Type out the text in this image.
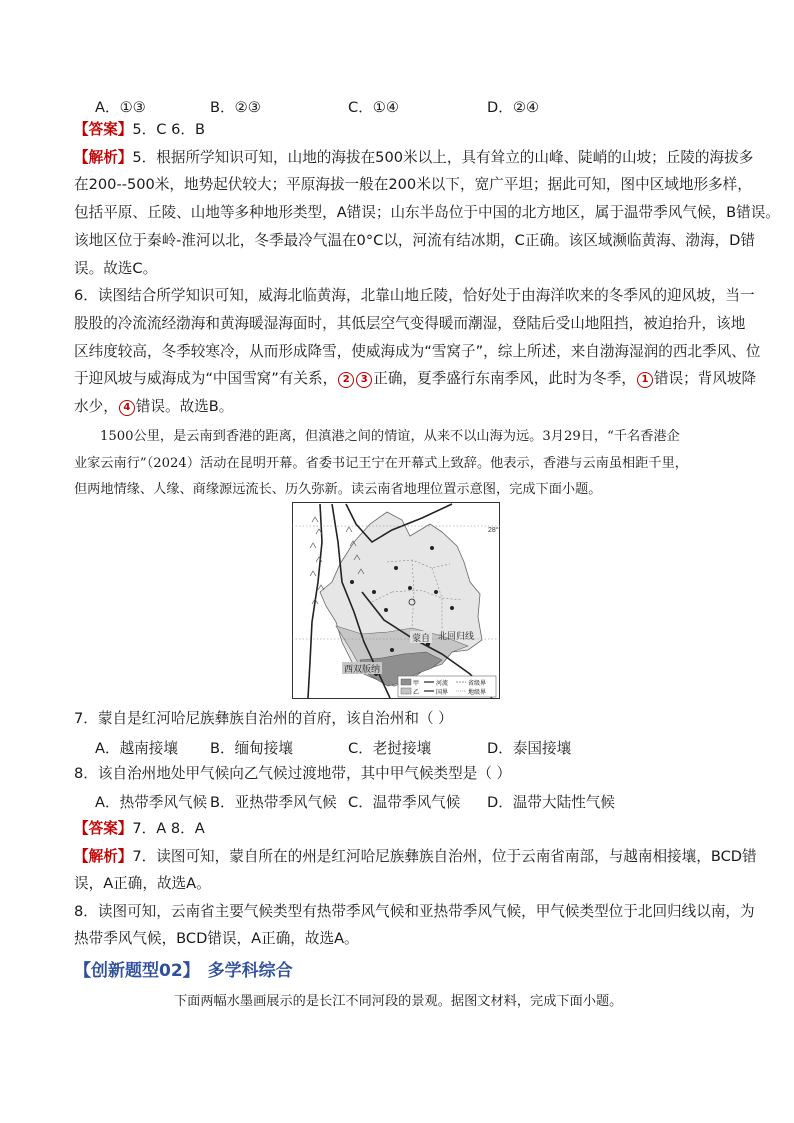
A．①③	B．②③	C．①④	D．②④
【答案】5．C 6．B
【解析】5．根据所学知识可知，山地的海拔在500米以上，具有耸立的山峰、陡峭的山坡；丘陵的海拔多
在200--500米，地势起伏较大；平原海拔一般在200米以下，宽广平坦；据此可知，图中区域地形多样，
包括平原、丘陵、山地等多种地形类型，A错误；山东半岛位于中国的北方地区，属于温带季风气候，B错误。
该地区位于秦岭-淮河以北，冬季最冷气温在0°C以，河流有结冰期，C正确。该区域濒临黄海、渤海，D错
误。故选C。
6．读图结合所学知识可知，威海北临黄海，北靠山地丘陵，恰好处于由海洋吹来的冬季风的迎风坡，当一
股股的冷流流经渤海和黄海暖湿海面时，其低层空气变得暖而潮湿，登陆后受山地阻挡，被迫抬升，该地
区纬度较高，冬季较寒冷，从而形成降雪，使威海成为“雪窝子”，综上所述，来自渤海湿润的西北季风、位
于迎风坡与威海成为“中国雪窝”有关系， 2 3 正确，夏季盛行东南季风，此时为冬季， 1 错误；背风坡降
水少， 4 错误。故选B。
1500公里，是云南到香港的距离，但滇港之间的情谊，从来不以山海为远。3月29日，“千名香港企
业家云南行”（2024）活动在昆明开幕。省委书记王宁在开幕式上致辞。他表示，香港与云南虽相距千里，
但两地情缘、人缘、商缘源远流长、历久弥新。读云南省地理位置示意图，完成下面小题。
28°
蒙自 北回归线
西双版纳
甲
乙
河流
国界
省级界
地级界
7．蒙自是红河哈尼族彝族自治州的首府，该自治州和（ ）
A．越南接壤 B．缅甸接壤	C．老挝接壤	D．泰国接壤
8．该自治州地处甲气候向乙气候过渡地带，其中甲气候类型是（ ）
A．热带季风气候 B．亚热带季风气候 C．温带季风气候 D．温带大陆性气候
【答案】7．A 8．A
【解析】7．读图可知，蒙自所在的州是红河哈尼族彝族自治州，位于云南省南部，与越南相接壤，BCD错
误，A正确，故选A。
8．读图可知，云南省主要气候类型有热带季风气候和亚热带季风气候，甲气候类型位于北回归线以南，为
热带季风气候，BCD错误，A正确，故选A。
【创新题型02】 多学科综合
下面两幅水墨画展示的是长江不同河段的景观。据图文材料，完成下面小题。
